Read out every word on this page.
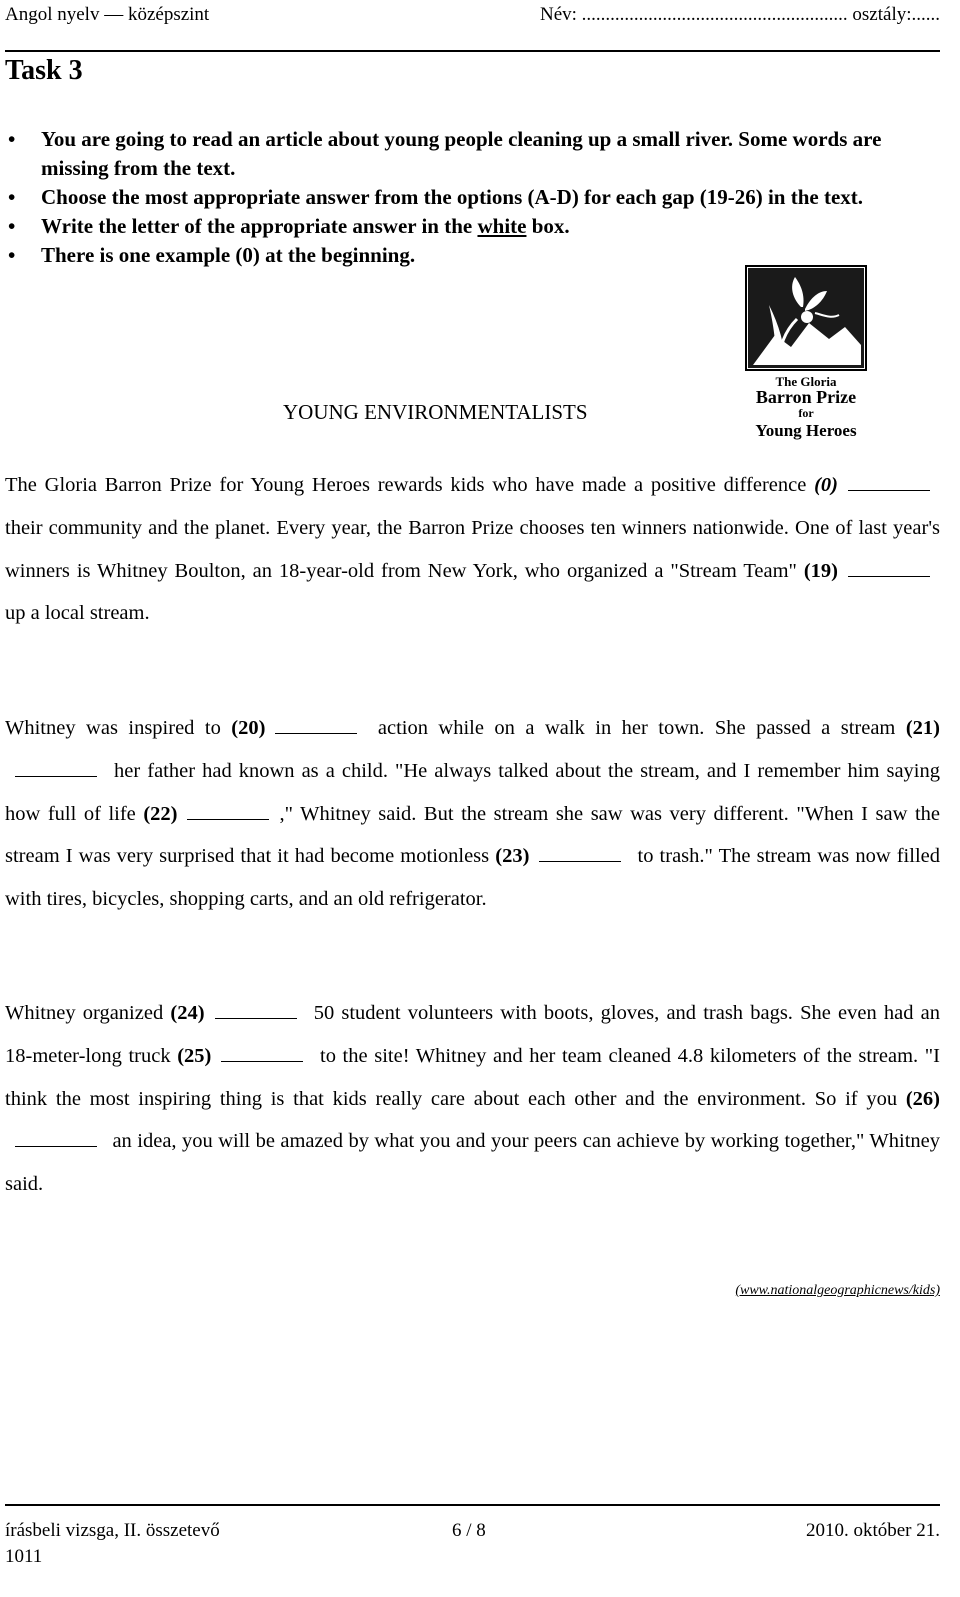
Angol nyelv — középszint	Név: ........................................................ osztály:......
Task 3
• You are going to read an article about young people cleaning up a small river. Some words are missing from the text.
• Choose the most appropriate answer from the options (A-D) for each gap (19-26) in the text.
• Write the letter of the appropriate answer in the white box.
• There is one example (0) at the beginning.
The Gloria
Barron Prize
for
Young Heroes
YOUNG ENVIRONMENTALISTS

The Gloria Barron Prize for Young Heroes rewards kids who have made a positive difference (0) their community and the planet. Every year, the Barron Prize chooses ten winners nationwide. One of last year's winners is Whitney Boulton, an 18-year-old from New York, who organized a "Stream Team" (19) up a local stream.

Whitney was inspired to (20)	action while on a walk in her town. She passed a stream (21) her father had known as a child. "He always talked about the stream, and I remember him saying how full of life (22)	," Whitney said. But the stream she saw was very different. "When I saw the stream I was very surprised that it had become motionless (23)	to trash." The stream was now filled with tires, bicycles, shopping carts, and an old refrigerator.

Whitney organized (24)	50 student volunteers with boots, gloves, and trash bags. She even had an 18-meter-long truck (25)	to the site! Whitney and her team cleaned 4.8 kilometers of the stream. "I think the most inspiring thing is that kids really care about each other and the environment. So if you (26) an idea, you will be amazed by what you and your peers can achieve by working together," Whitney said.

(www.nationalgeographicnews/kids)
írásbeli vizsga, II. összetevő	6 / 8	2010. október 21.
1011
